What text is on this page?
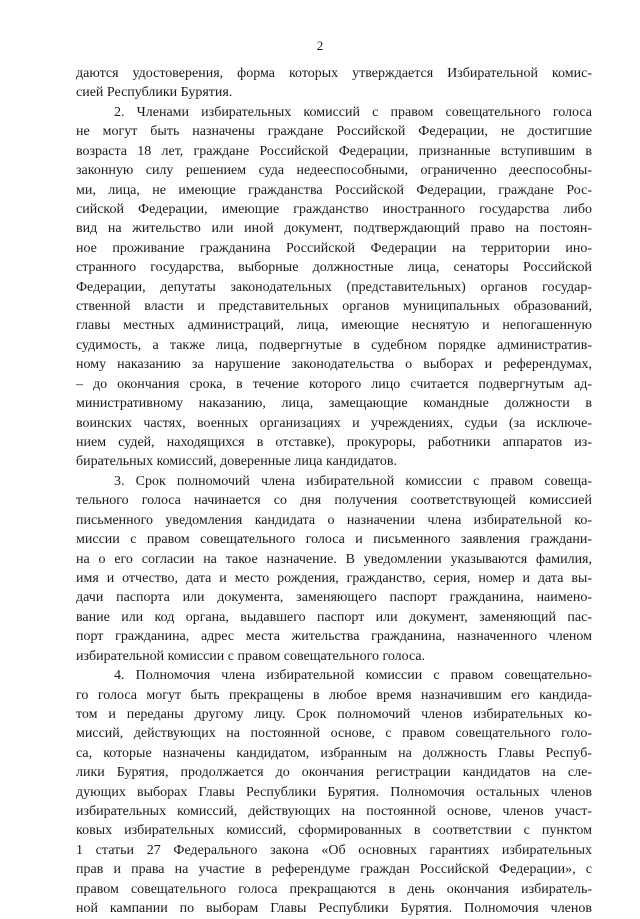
2
даются удостоверения, форма которых утверждается Избирательной комис-
сией Республики Бурятия.
2. Членами избирательных комиссий с правом совещательного голоса
не могут быть назначены граждане Российской Федерации, не достигшие
возраста 18 лет, граждане Российской Федерации, признанные вступившим в
законную силу решением суда недееспособными, ограниченно дееспособны-
ми, лица, не имеющие гражданства Российской Федерации, граждане Рос-
сийской Федерации, имеющие гражданство иностранного государства либо
вид на жительство или иной документ, подтверждающий право на постоян-
ное проживание гражданина Российской Федерации на территории ино-
странного государства, выборные должностные лица, сенаторы Российской
Федерации, депутаты законодательных (представительных) органов государ-
ственной власти и представительных органов муниципальных образований,
главы местных администраций, лица, имеющие неснятую и непогашенную
судимость, а также лица, подвергнутые в судебном порядке административ-
ному наказанию за нарушение законодательства о выборах и референдумах,
– до окончания срока, в течение которого лицо считается подвергнутым ад-
министративному наказанию, лица, замещающие командные должности в
воинских частях, военных организациях и учреждениях, судьи (за исключе-
нием судей, находящихся в отставке), прокуроры, работники аппаратов из-
бирательных комиссий, доверенные лица кандидатов.
3. Срок полномочий члена избирательной комиссии с правом совеща-
тельного голоса начинается со дня получения соответствующей комиссией
письменного уведомления кандидата о назначении члена избирательной ко-
миссии с правом совещательного голоса и письменного заявления граждани-
на о его согласии на такое назначение. В уведомлении указываются фамилия,
имя и отчество, дата и место рождения, гражданство, серия, номер и дата вы-
дачи паспорта или документа, заменяющего паспорт гражданина, наимено-
вание или код органа, выдавшего паспорт или документ, заменяющий пас-
порт гражданина, адрес места жительства гражданина, назначенного членом
избирательной комиссии с правом совещательного голоса.
4. Полномочия члена избирательной комиссии с правом совещательно-
го голоса могут быть прекращены в любое время назначившим его кандида-
том и переданы другому лицу. Срок полномочий членов избирательных ко-
миссий, действующих на постоянной основе, с правом совещательного голо-
са, которые назначены кандидатом, избранным на должность Главы Респуб-
лики Бурятия, продолжается до окончания регистрации кандидатов на сле-
дующих выборах Главы Республики Бурятия. Полномочия остальных членов
избирательных комиссий, действующих на постоянной основе, членов участ-
ковых избирательных комиссий, сформированных в соответствии с пунктом
1 статьи 27 Федерального закона «Об основных гарантиях избирательных
прав и права на участие в референдуме граждан Российской Федерации», с
правом совещательного голоса прекращаются в день окончания избиратель-
ной кампании по выборам Главы Республики Бурятия. Полномочия членов
